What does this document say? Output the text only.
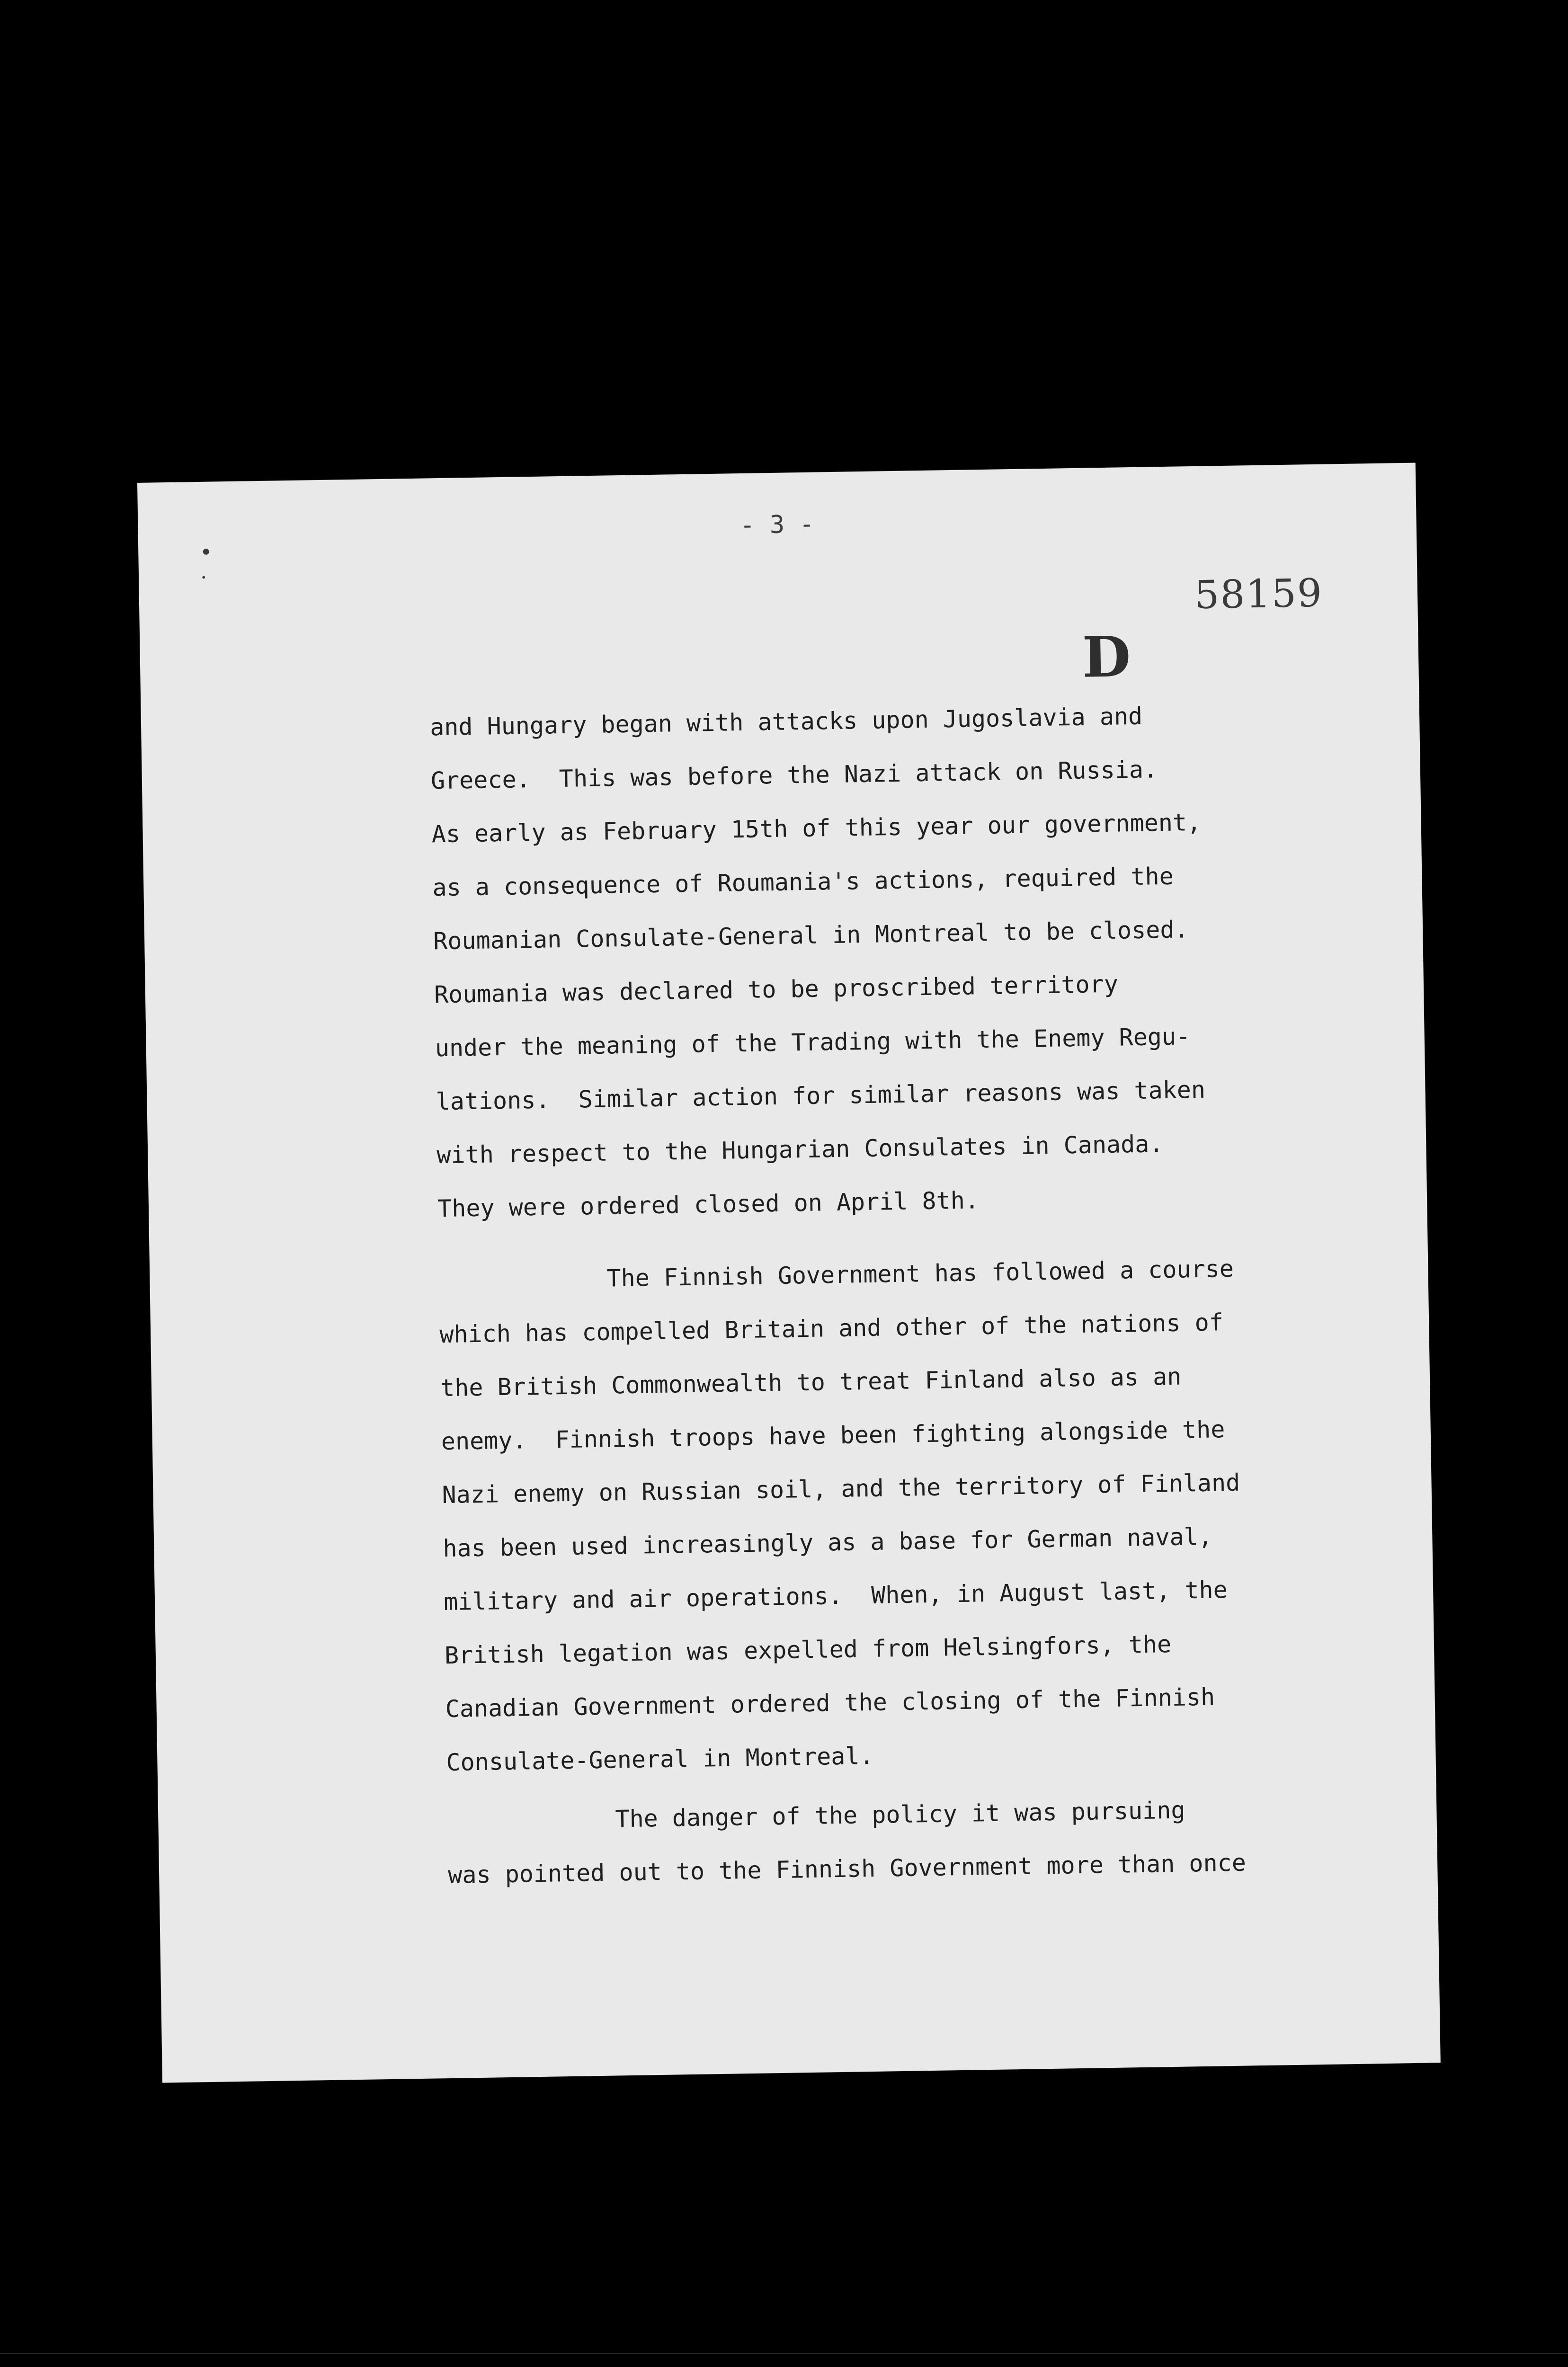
•
.
- 3 -
58159
D
and Hungary began with attacks upon Jugoslavia and
Greece.  This was before the Nazi attack on Russia.
As early as February 15th of this year our government,
as a consequence of Roumania's actions, required the
Roumanian Consulate-General in Montreal to be closed.
Roumania was declared to be proscribed territory
under the meaning of the Trading with the Enemy Regu-
lations.  Similar action for similar reasons was taken
with respect to the Hungarian Consulates in Canada.
They were ordered closed on April 8th.
The Finnish Government has followed a course
which has compelled Britain and other of the nations of
the British Commonwealth to treat Finland also as an
enemy.  Finnish troops have been fighting alongside the
Nazi enemy on Russian soil, and the territory of Finland
has been used increasingly as a base for German naval,
military and air operations.  When, in August last, the
British legation was expelled from Helsingfors, the
Canadian Government ordered the closing of the Finnish
Consulate-General in Montreal.
The danger of the policy it was pursuing
was pointed out to the Finnish Government more than once
